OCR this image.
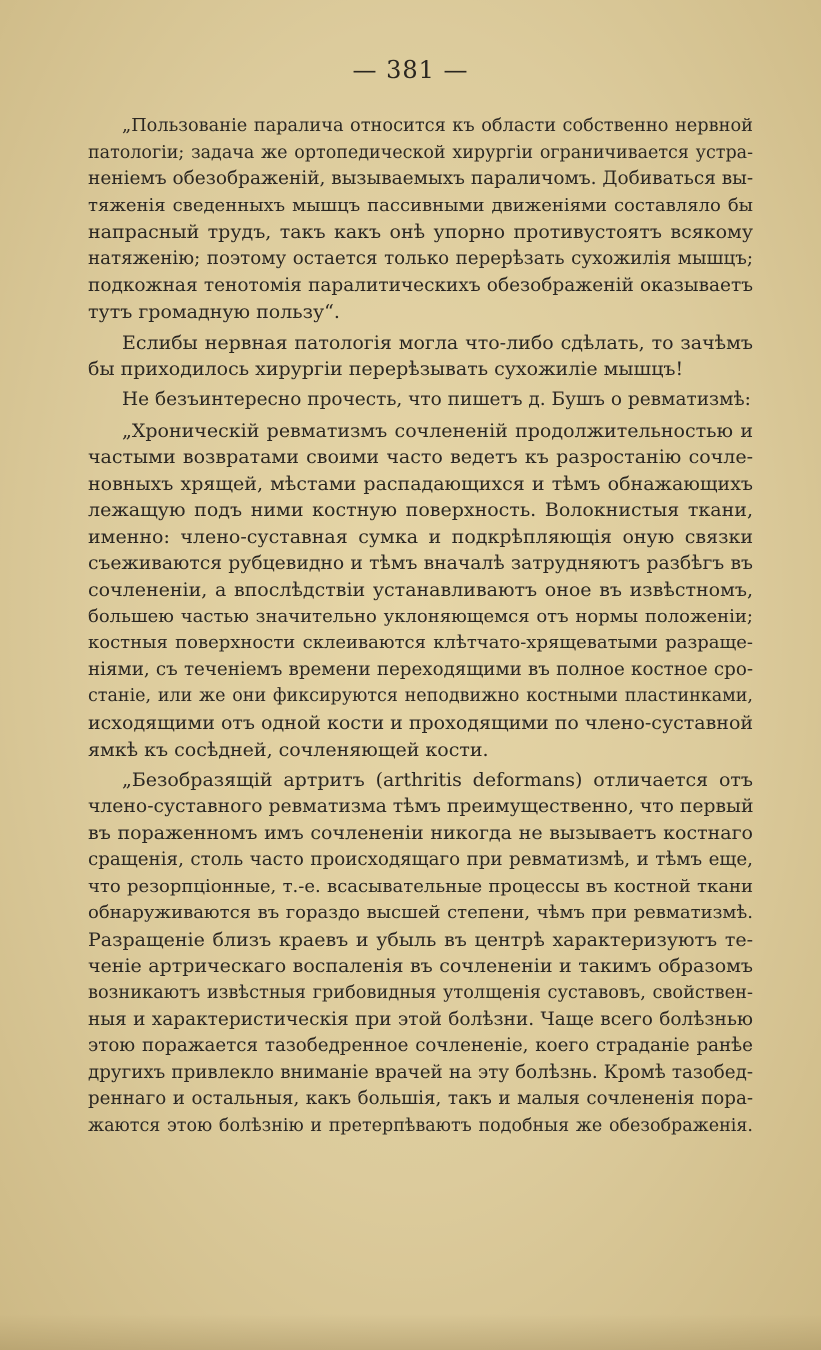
— 381 —
„Пользованіе паралича относится къ области собственно нервной
патологіи; задача же ортопедической хирургіи ограничивается устра-
неніемъ обезображеній, вызываемыхъ параличомъ. Добиваться вы-
тяженія сведенныхъ мышцъ пассивными движеніями составляло бы
напрасный трудъ, такъ какъ онѣ упорно противустоятъ всякому
натяженію; поэтому остается только перерѣзать сухожилія мышцъ;
подкожная тенотомія паралитическихъ обезображеній оказываетъ
тутъ громадную пользу“.
Еслибы нервная патологія могла что-либо сдѣлать, то зачѣмъ
бы приходилось хирургіи перерѣзывать сухожиліе мышцъ!
Не безъинтересно прочесть, что пишетъ д. Бушъ о ревматизмѣ:
„Хроническій ревматизмъ сочлененій продолжительностью и
частыми возвратами своими часто ведетъ къ разростанію сочле-
новныхъ хрящей, мѣстами распадающихся и тѣмъ обнажающихъ
лежащую подъ ними костную поверхность. Волокнистыя ткани,
именно: члено-суставная сумка и подкрѣпляющія оную связки
съеживаются рубцевидно и тѣмъ вначалѣ затрудняютъ разбѣгъ въ
сочлененіи, а впослѣдствіи устанавливаютъ оное въ извѣстномъ,
большею частью значительно уклоняющемся отъ нормы положеніи;
костныя поверхности склеиваются клѣтчато-хрящеватыми разраще-
ніями, съ теченіемъ времени переходящими въ полное костное сро-
станіе, или же они фиксируются неподвижно костными пластинками,
исходящими отъ одной кости и проходящими по члено-суставной
ямкѣ къ сосѣдней, сочленяющей кости.
„Безобразящій артритъ (arthritis deformans) отличается отъ
члено-суставного ревматизма тѣмъ преимущественно, что первый
въ пораженномъ имъ сочлененіи никогда не вызываетъ костнаго
сращенія, столь часто происходящаго при ревматизмѣ, и тѣмъ еще,
что резорпціонные, т.-е. всасывательные процессы въ костной ткани
обнаруживаются въ гораздо высшей степени, чѣмъ при ревматизмѣ.
Разращеніе близъ краевъ и убыль въ центрѣ характеризуютъ те-
ченіе артрическаго воспаленія въ сочлененіи и такимъ образомъ
возникаютъ извѣстныя грибовидныя утолщенія суставовъ, свойствен-
ныя и характеристическія при этой болѣзни. Чаще всего болѣзнью
этою поражается тазобедренное сочлененіе, коего страданіе ранѣе
другихъ привлекло вниманіе врачей на эту болѣзнь. Кромѣ тазобед-
реннаго и остальныя, какъ большія, такъ и малыя сочлененія пора-
жаются этою болѣзнію и претерпѣваютъ подобныя же обезображенія.
